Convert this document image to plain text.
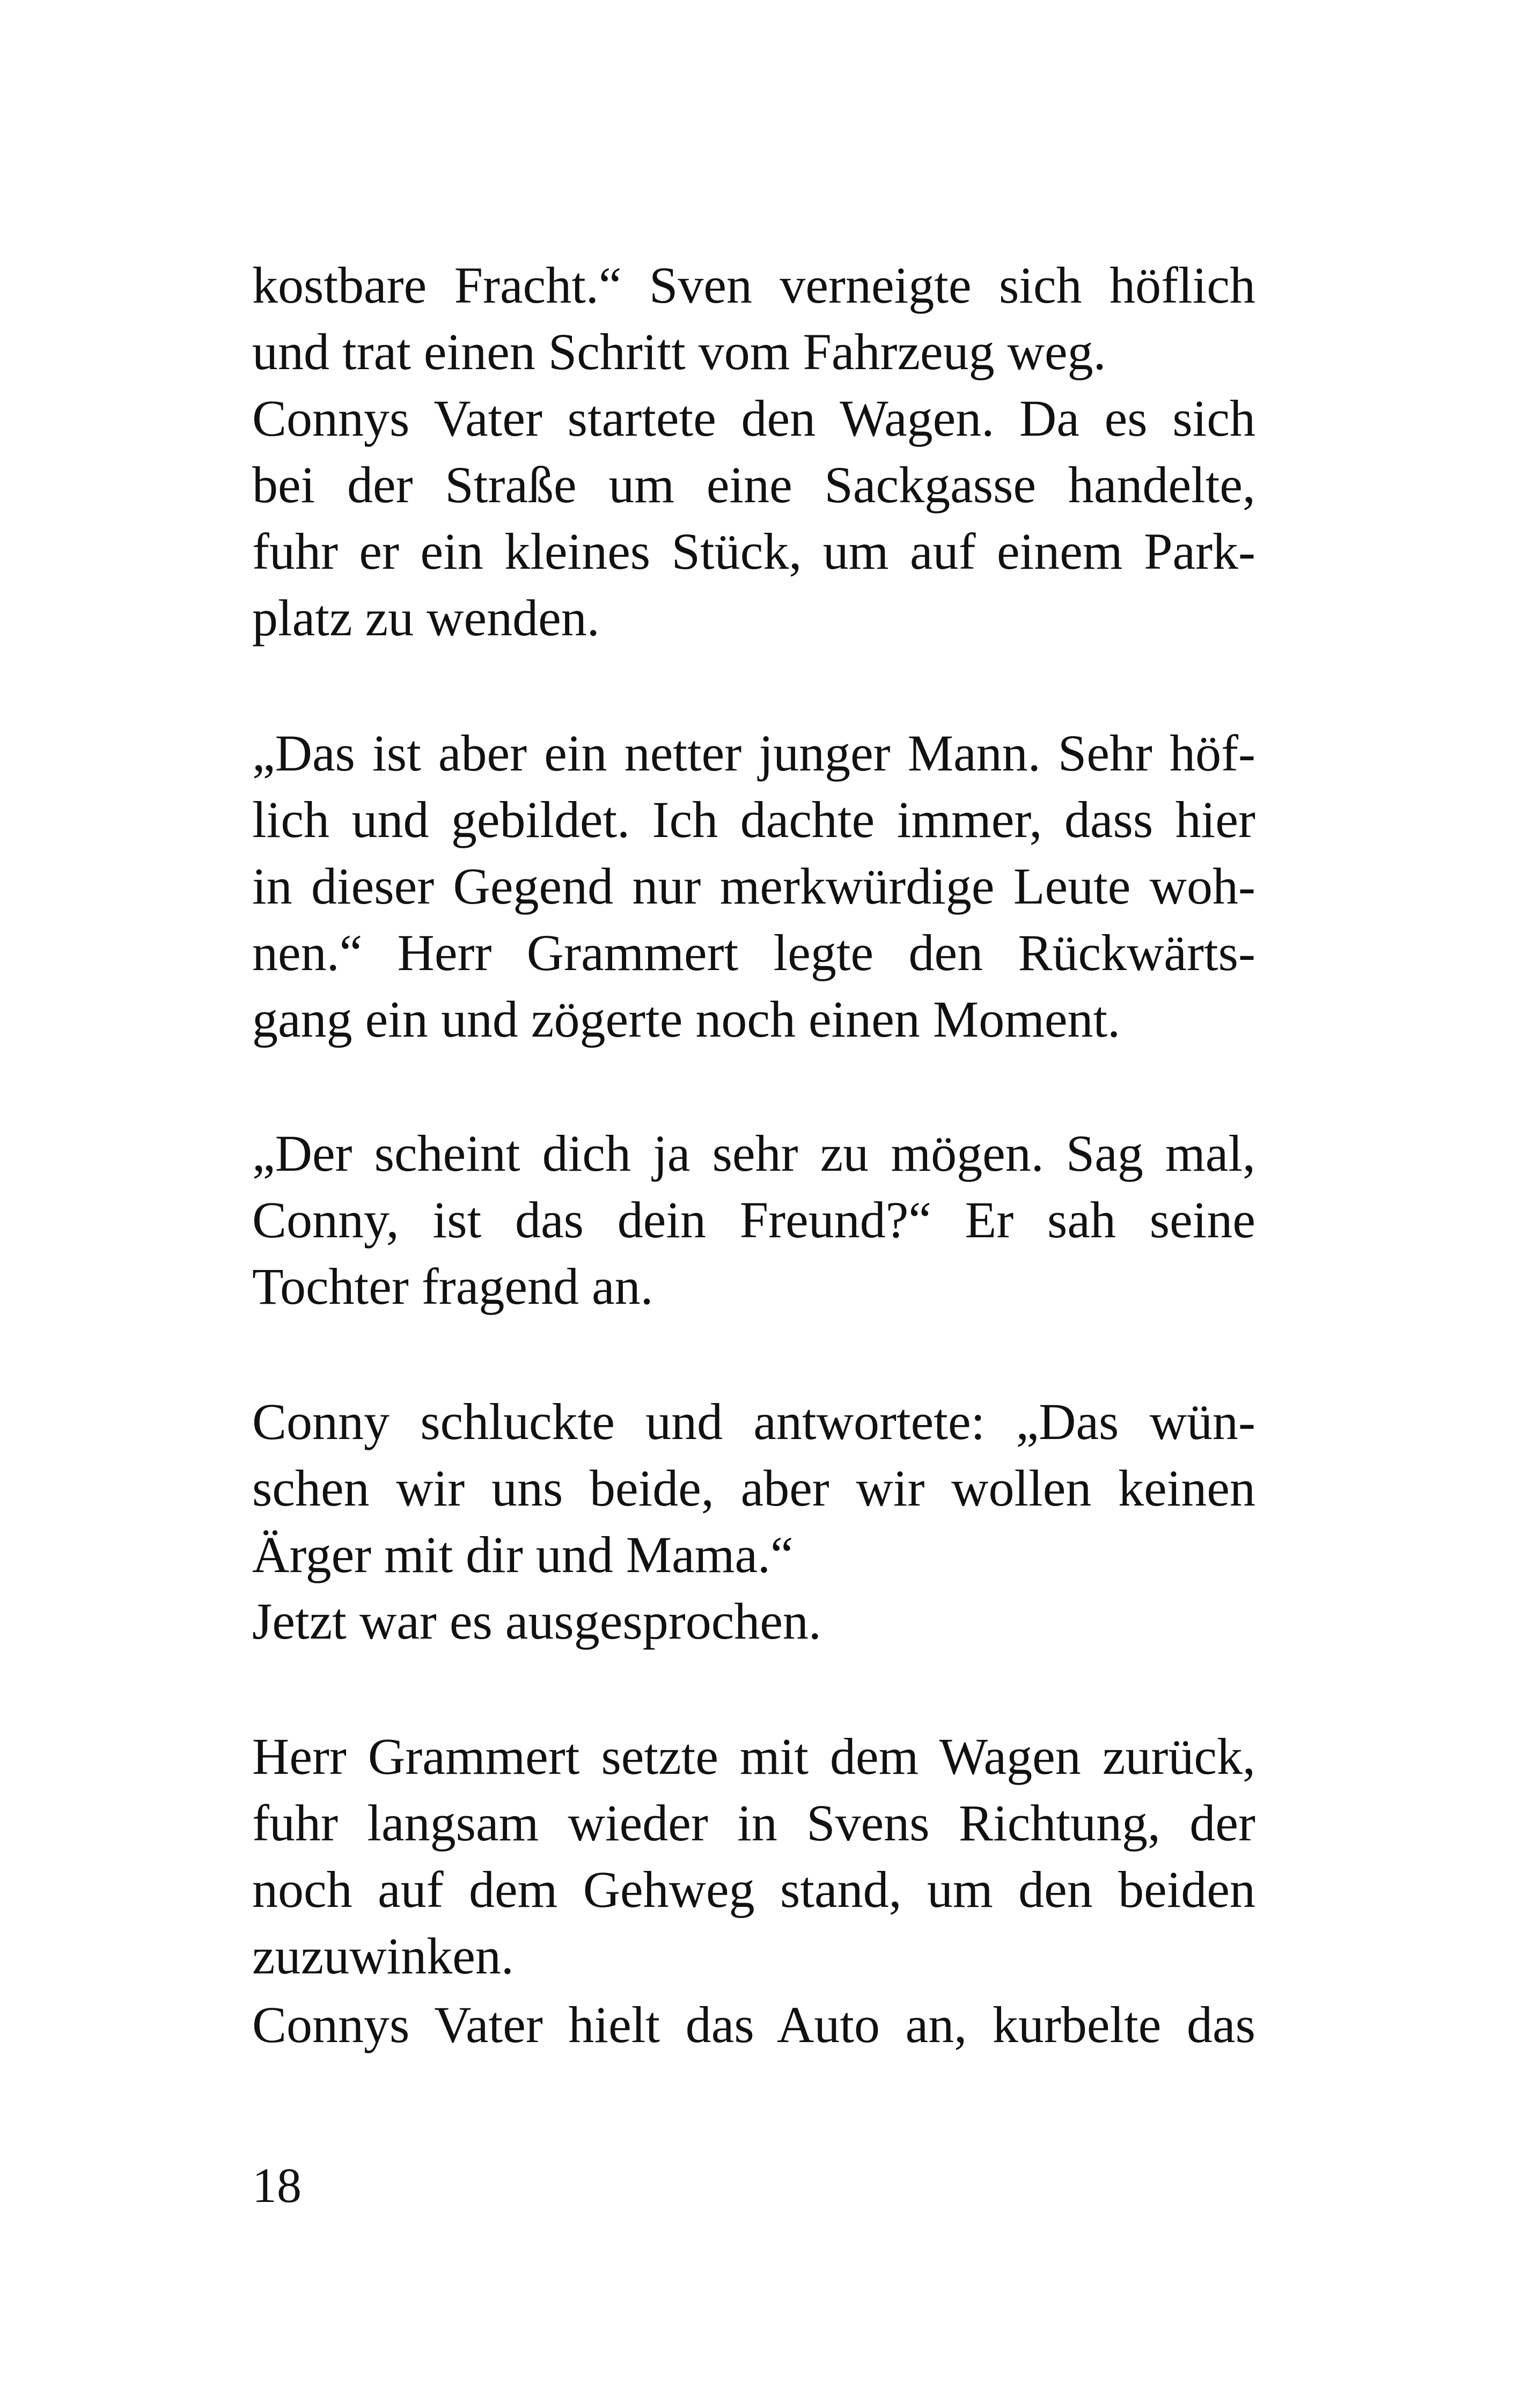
kostbare Fracht.“ Sven verneigte sich höflich
und trat einen Schritt vom Fahrzeug weg.
Connys Vater startete den Wagen. Da es sich
bei der Straße um eine Sackgasse handelte,
fuhr er ein kleines Stück, um auf einem Park-
platz zu wenden.
„Das ist aber ein netter junger Mann. Sehr höf-
lich und gebildet. Ich dachte immer, dass hier
in dieser Gegend nur merkwürdige Leute woh-
nen.“ Herr Grammert legte den Rückwärts-
gang ein und zögerte noch einen Moment.
„Der scheint dich ja sehr zu mögen. Sag mal,
Conny, ist das dein Freund?“ Er sah seine
Tochter fragend an.
Conny schluckte und antwortete: „Das wün-
schen wir uns beide, aber wir wollen keinen
Ärger mit dir und Mama.“
Jetzt war es ausgesprochen.
Herr Grammert setzte mit dem Wagen zurück,
fuhr langsam wieder in Svens Richtung, der
noch auf dem Gehweg stand, um den beiden
zuzuwinken.
Connys Vater hielt das Auto an, kurbelte das
18
